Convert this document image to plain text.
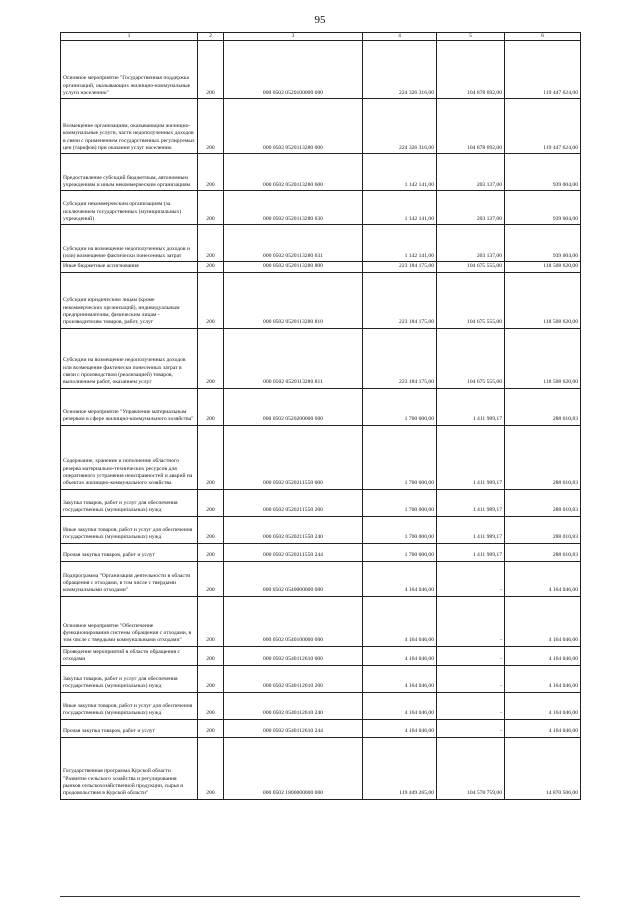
95
1	2	3	4	5	6
Основное мероприятие "Государственная поддержка организаций, оказывающих жилищно-коммунальные услуги населению"	200	000 0502 0520100000 000	224 326 316,00	104 878 692,00	119 447 624,00
Возмещение организациям, оказывающим жилищно-коммунальные услуги, части недополученных доходов в связи с применением государственных регулируемых цен (тарифов) при оказании услуг населению	200	000 0502 0520113280 000	224 326 316,00	104 878 692,00	119 447 624,00
Предоставление субсидий бюджетным, автономным учреждениям и иным некоммерческим организациям	200	000 0502 0520113280 600	1 142 141,00	203 137,00	939 004,00
Субсидии некоммерческим организациям (за исключением государственных (муниципальных) учреждений)	200	000 0502 0520113280 630	1 142 141,00	203 137,00	939 004,00
Субсидии на возмещение недополученных доходов и (или) возмещение фактически понесенных затрат	200	000 0502 0520113280 631	1 142 141,00	203 137,00	939 004,00
Иные бюджетные ассигнования	200	000 0502 0520113280 800	223 184 175,00	104 675 555,00	118 508 620,00
Субсидии юридическим лицам (кроме некоммерческих организаций), индивидуальным предпринимателям, физическим лицам - производителям товаров, работ, услуг	200	000 0502 0520113280 810	223 184 175,00	104 675 555,00	118 508 620,00
Субсидии на возмещение недополученных доходов или возмещение фактически понесенных затрат в связи с производством (реализацией) товаров, выполнением работ, оказанием услуг	200	000 0502 0520113280 811	223 184 175,00	104 675 555,00	118 508 620,00
Основное мероприятие "Управление материальным резервом в сфере жилищно-коммунального хозяйства"	200	000 0502 0520200000 000	1 700 000,00	1 411 989,17	288 010,83
Содержание, хранение и пополнение областного резерва материально-технических ресурсов для оперативного устранения неисправностей и аварий на объектах жилищно-коммунального хозяйства	200	000 0502 0520211550 000	1 700 000,00	1 411 989,17	288 010,83
Закупка товаров, работ и услуг для обеспечения государственных (муниципальных) нужд	200	000 0502 0520211550 200	1 700 000,00	1 411 989,17	288 010,83
Иные закупки товаров, работ и услуг для обеспечения государственных (муниципальных) нужд	200	000 0502 0520211550 240	1 700 000,00	1 411 989,17	288 010,83
Прочая закупка товаров, работ и услуг	200	000 0502 0520211550 244	1 700 000,00	1 411 989,17	288 010,83
Подпрограмма "Организация деятельности в области обращения с отходами, в том числе с твердыми коммунальными отходами"	200	000 0502 0540000000 000	4 164 046,00	-	4 164 046,00
Основное мероприятие "Обеспечение функционирования системы обращения с отходами, в том числе с твердыми коммунальными отходами"	200	000 0502 0540100000 000	4 164 046,00	-	4 164 046,00
Проведение мероприятий в области обращения с отходами	200	000 0502 0540112610 000	4 164 046,00	-	4 164 046,00
Закупка товаров, работ и услуг для обеспечения государственных (муниципальных) нужд	200	000 0502 0540112610 200	4 164 046,00	-	4 164 046,00
Иные закупки товаров, работ и услуг для обеспечения государственных (муниципальных) нужд	200	000 0502 0540112610 240	4 164 046,00	-	4 164 046,00
Прочая закупка товаров, работ и услуг	200	000 0502 0540112610 244	4 164 046,00	-	4 164 046,00
Государственная программа Курской области "Развитие сельского хозяйства и регулирования рынков сельскохозяйственной продукции, сырья и продовольствия в Курской области"	200	000 0502 1800000000 000	119 449 265,00	104 578 759,00	14 870 506,00
